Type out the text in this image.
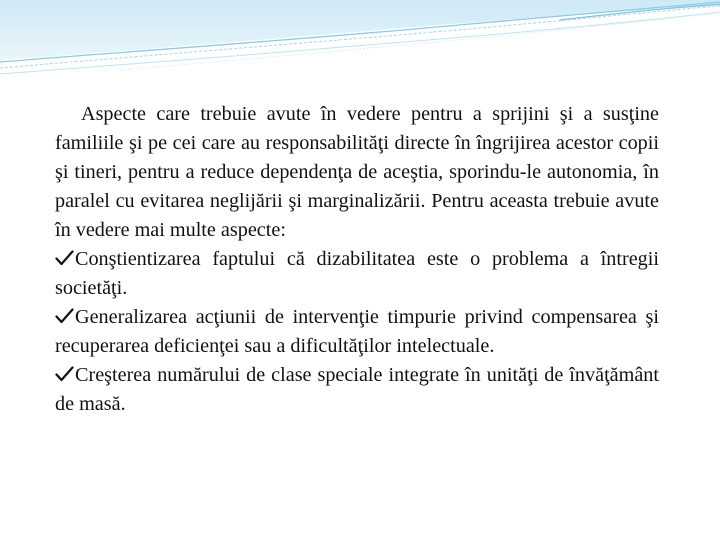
Aspecte care trebuie avute în vedere pentru a sprijini şi a susţine familiile şi pe cei care au responsabilităţi directe în îngrijirea acestor copii şi tineri, pentru a reduce dependenţa de aceştia, sporindu-le autonomia, în paralel cu evitarea neglijării şi marginalizării. Pentru aceasta trebuie avute în vedere mai multe aspecte:

Conştientizarea faptului că dizabilitatea este o problema a întregii societăţi.

Generalizarea acţiunii de intervenţie timpurie privind compensarea şi recuperarea deficienţei sau a dificultăţilor intelectuale.

Creşterea numărului de clase speciale integrate în unităţi de învăţământ de masă.
